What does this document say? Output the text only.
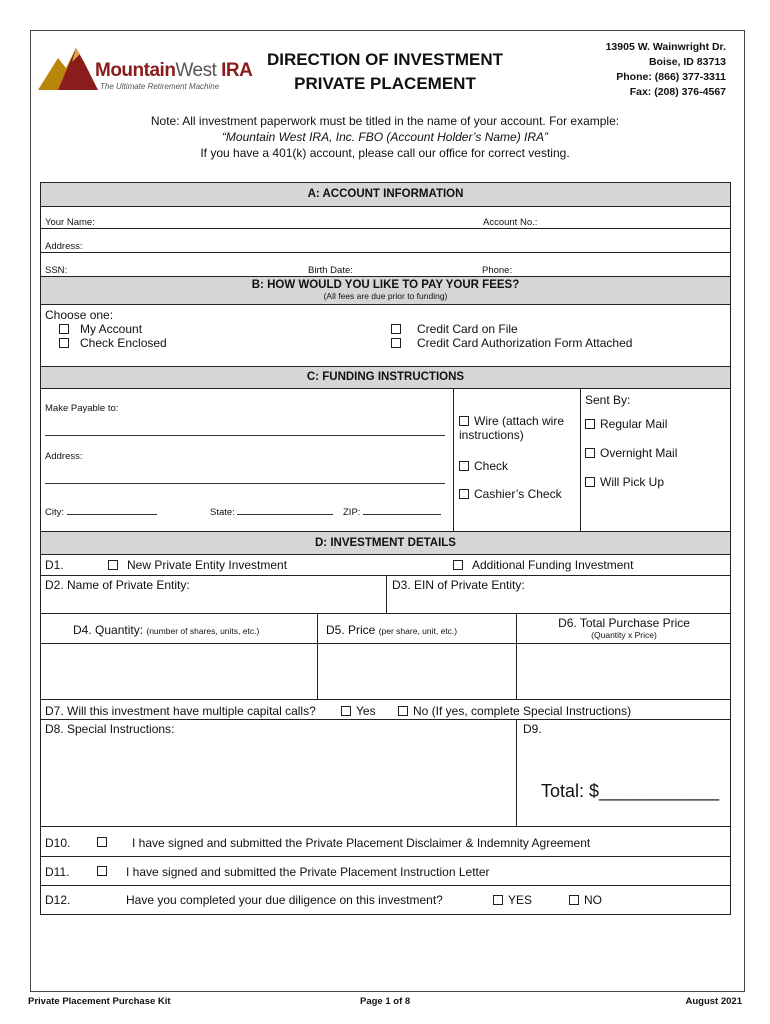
MountainWest IRA
The Ultimate Retirement Machine
DIRECTION OF INVESTMENT
PRIVATE PLACEMENT
13905 W. Wainwright Dr.
Boise, ID 83713
Phone: (866) 377-3311
Fax: (208) 376-4567
Note: All investment paperwork must be titled in the name of your account. For example:
“Mountain West IRA, Inc. FBO (Account Holder’s Name) IRA”
If you have a 401(k) account, please call our office for correct vesting.
A: ACCOUNT INFORMATION
Your Name:	Account No.:
Address:
SSN:	Birth Date:	Phone:
B: HOW WOULD YOU LIKE TO PAY YOUR FEES?
(All fees are due prior to funding)
Choose one:
My Account
Check Enclosed
Credit Card on File
Credit Card Authorization Form Attached
C: FUNDING INSTRUCTIONS
Make Payable to:
Address:
City:	State:	ZIP:
Wire (attach wire instructions)
Check
Cashier’s Check
Sent By:
Regular Mail
Overnight Mail
Will Pick Up
D: INVESTMENT DETAILS
D1.	New Private Entity Investment	Additional Funding Investment
D2. Name of Private Entity:	D3. EIN of Private Entity:
D4. Quantity: (number of shares, units, etc.)	D5. Price (per share, unit, etc.)
D6. Total Purchase Price
(Quantity x Price)
D7. Will this investment have multiple capital calls?	Yes	No (If yes, complete Special Instructions)
D8. Special Instructions:	D9.
Total: $____________
D10.	I have signed and submitted the Private Placement Disclaimer & Indemnity Agreement
D11.	I have signed and submitted the Private Placement Instruction Letter
D12.	Have you completed your due diligence on this investment?	YES	NO
Private Placement Purchase Kit	Page 1 of 8	August 2021
